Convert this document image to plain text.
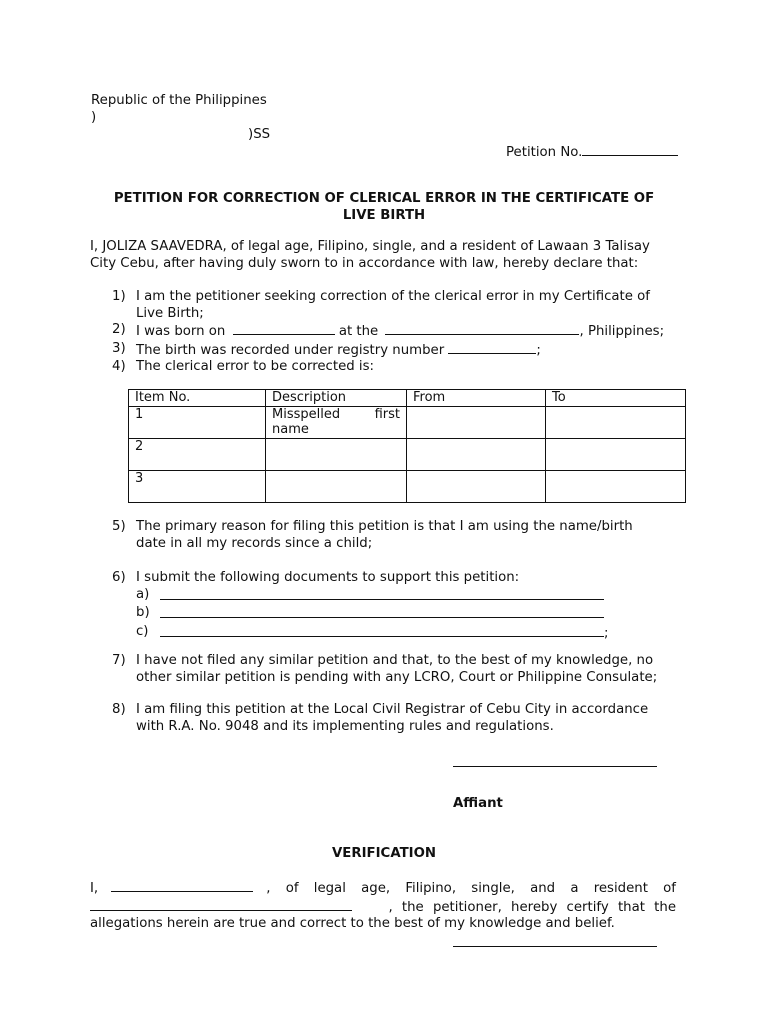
Republic of the Philippines
)
)SS
Petition No.
PETITION FOR CORRECTION OF CLERICAL ERROR IN THE CERTIFICATE OF
LIVE BIRTH
I, JOLIZA SAAVEDRA, of legal age, Filipino, single, and a resident of Lawaan 3 Talisay
City Cebu, after having duly sworn to in accordance with law, hereby declare that:
1) I am the petitioner seeking correction of the clerical error in my Certificate of
Live Birth;
2) I was born on	at the	, Philippines;
3) The birth was recorded under registry number	;
4) The clerical error to be corrected is:
Item No.	Description	From	To
1	Misspelled first
name		

2			
3			
5) The primary reason for filing this petition is that I am using the name/birth
date in all my records since a child;
6) I submit the following documents to support this petition:
a)
b)
c)	;
7) I have not filed any similar petition and that, to the best of my knowledge, no
other similar petition is pending with any LCRO, Court or Philippine Consulate;
8) I am filing this petition at the Local Civil Registrar of Cebu City in accordance
with R.A. No. 9048 and its implementing rules and regulations.
Affiant
VERIFICATION
I,	, of legal age, Filipino, single, and a resident of
, the petitioner, hereby certify that the
allegations herein are true and correct to the best of my knowledge and belief.
